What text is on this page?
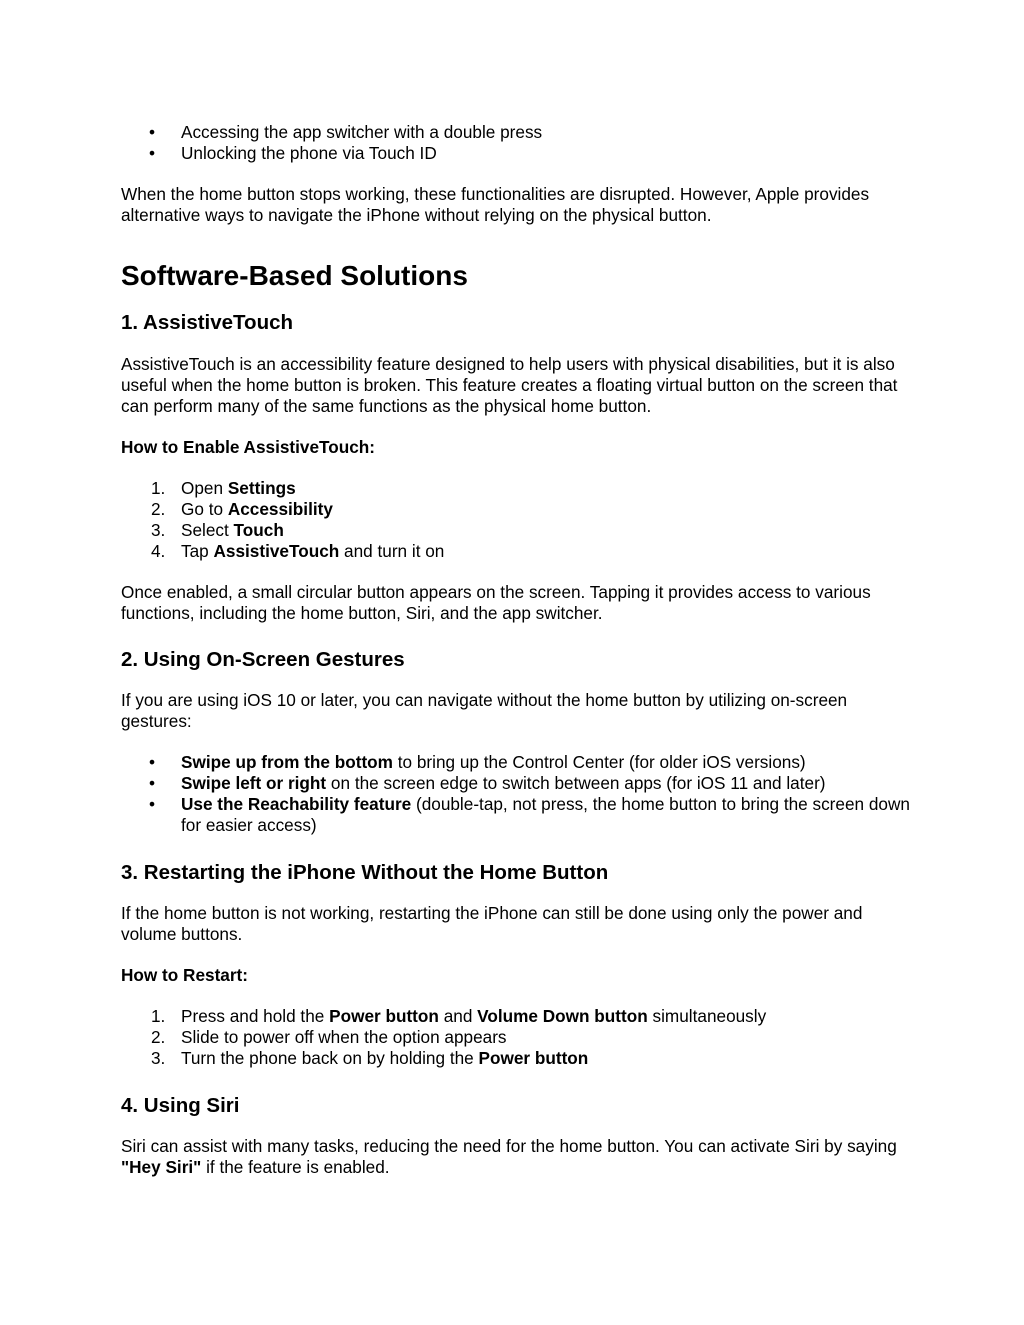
• Accessing the app switcher with a double press
• Unlocking the phone via Touch ID

When the home button stops working, these functionalities are disrupted. However, Apple provides alternative ways to navigate the iPhone without relying on the physical button.

Software-Based Solutions
1. AssistiveTouch

AssistiveTouch is an accessibility feature designed to help users with physical disabilities, but it is also useful when the home button is broken. This feature creates a floating virtual button on the screen that can perform many of the same functions as the physical home button.

How to Enable AssistiveTouch:

1. Open Settings
2. Go to Accessibility
3. Select Touch
4. Tap AssistiveTouch and turn it on

Once enabled, a small circular button appears on the screen. Tapping it provides access to various functions, including the home button, Siri, and the app switcher.

2. Using On-Screen Gestures

If you are using iOS 10 or later, you can navigate without the home button by utilizing on-screen gestures:

• Swipe up from the bottom to bring up the Control Center (for older iOS versions)
• Swipe left or right on the screen edge to switch between apps (for iOS 11 and later)
• Use the Reachability feature (double-tap, not press, the home button to bring the screen down for easier access)
3. Restarting the iPhone Without the Home Button

If the home button is not working, restarting the iPhone can still be done using only the power and volume buttons.

How to Restart:

1. Press and hold the Power button and Volume Down button simultaneously
2. Slide to power off when the option appears
3. Turn the phone back on by holding the Power button
4. Using Siri

Siri can assist with many tasks, reducing the need for the home button. You can activate Siri by saying "Hey Siri" if the feature is enabled.
